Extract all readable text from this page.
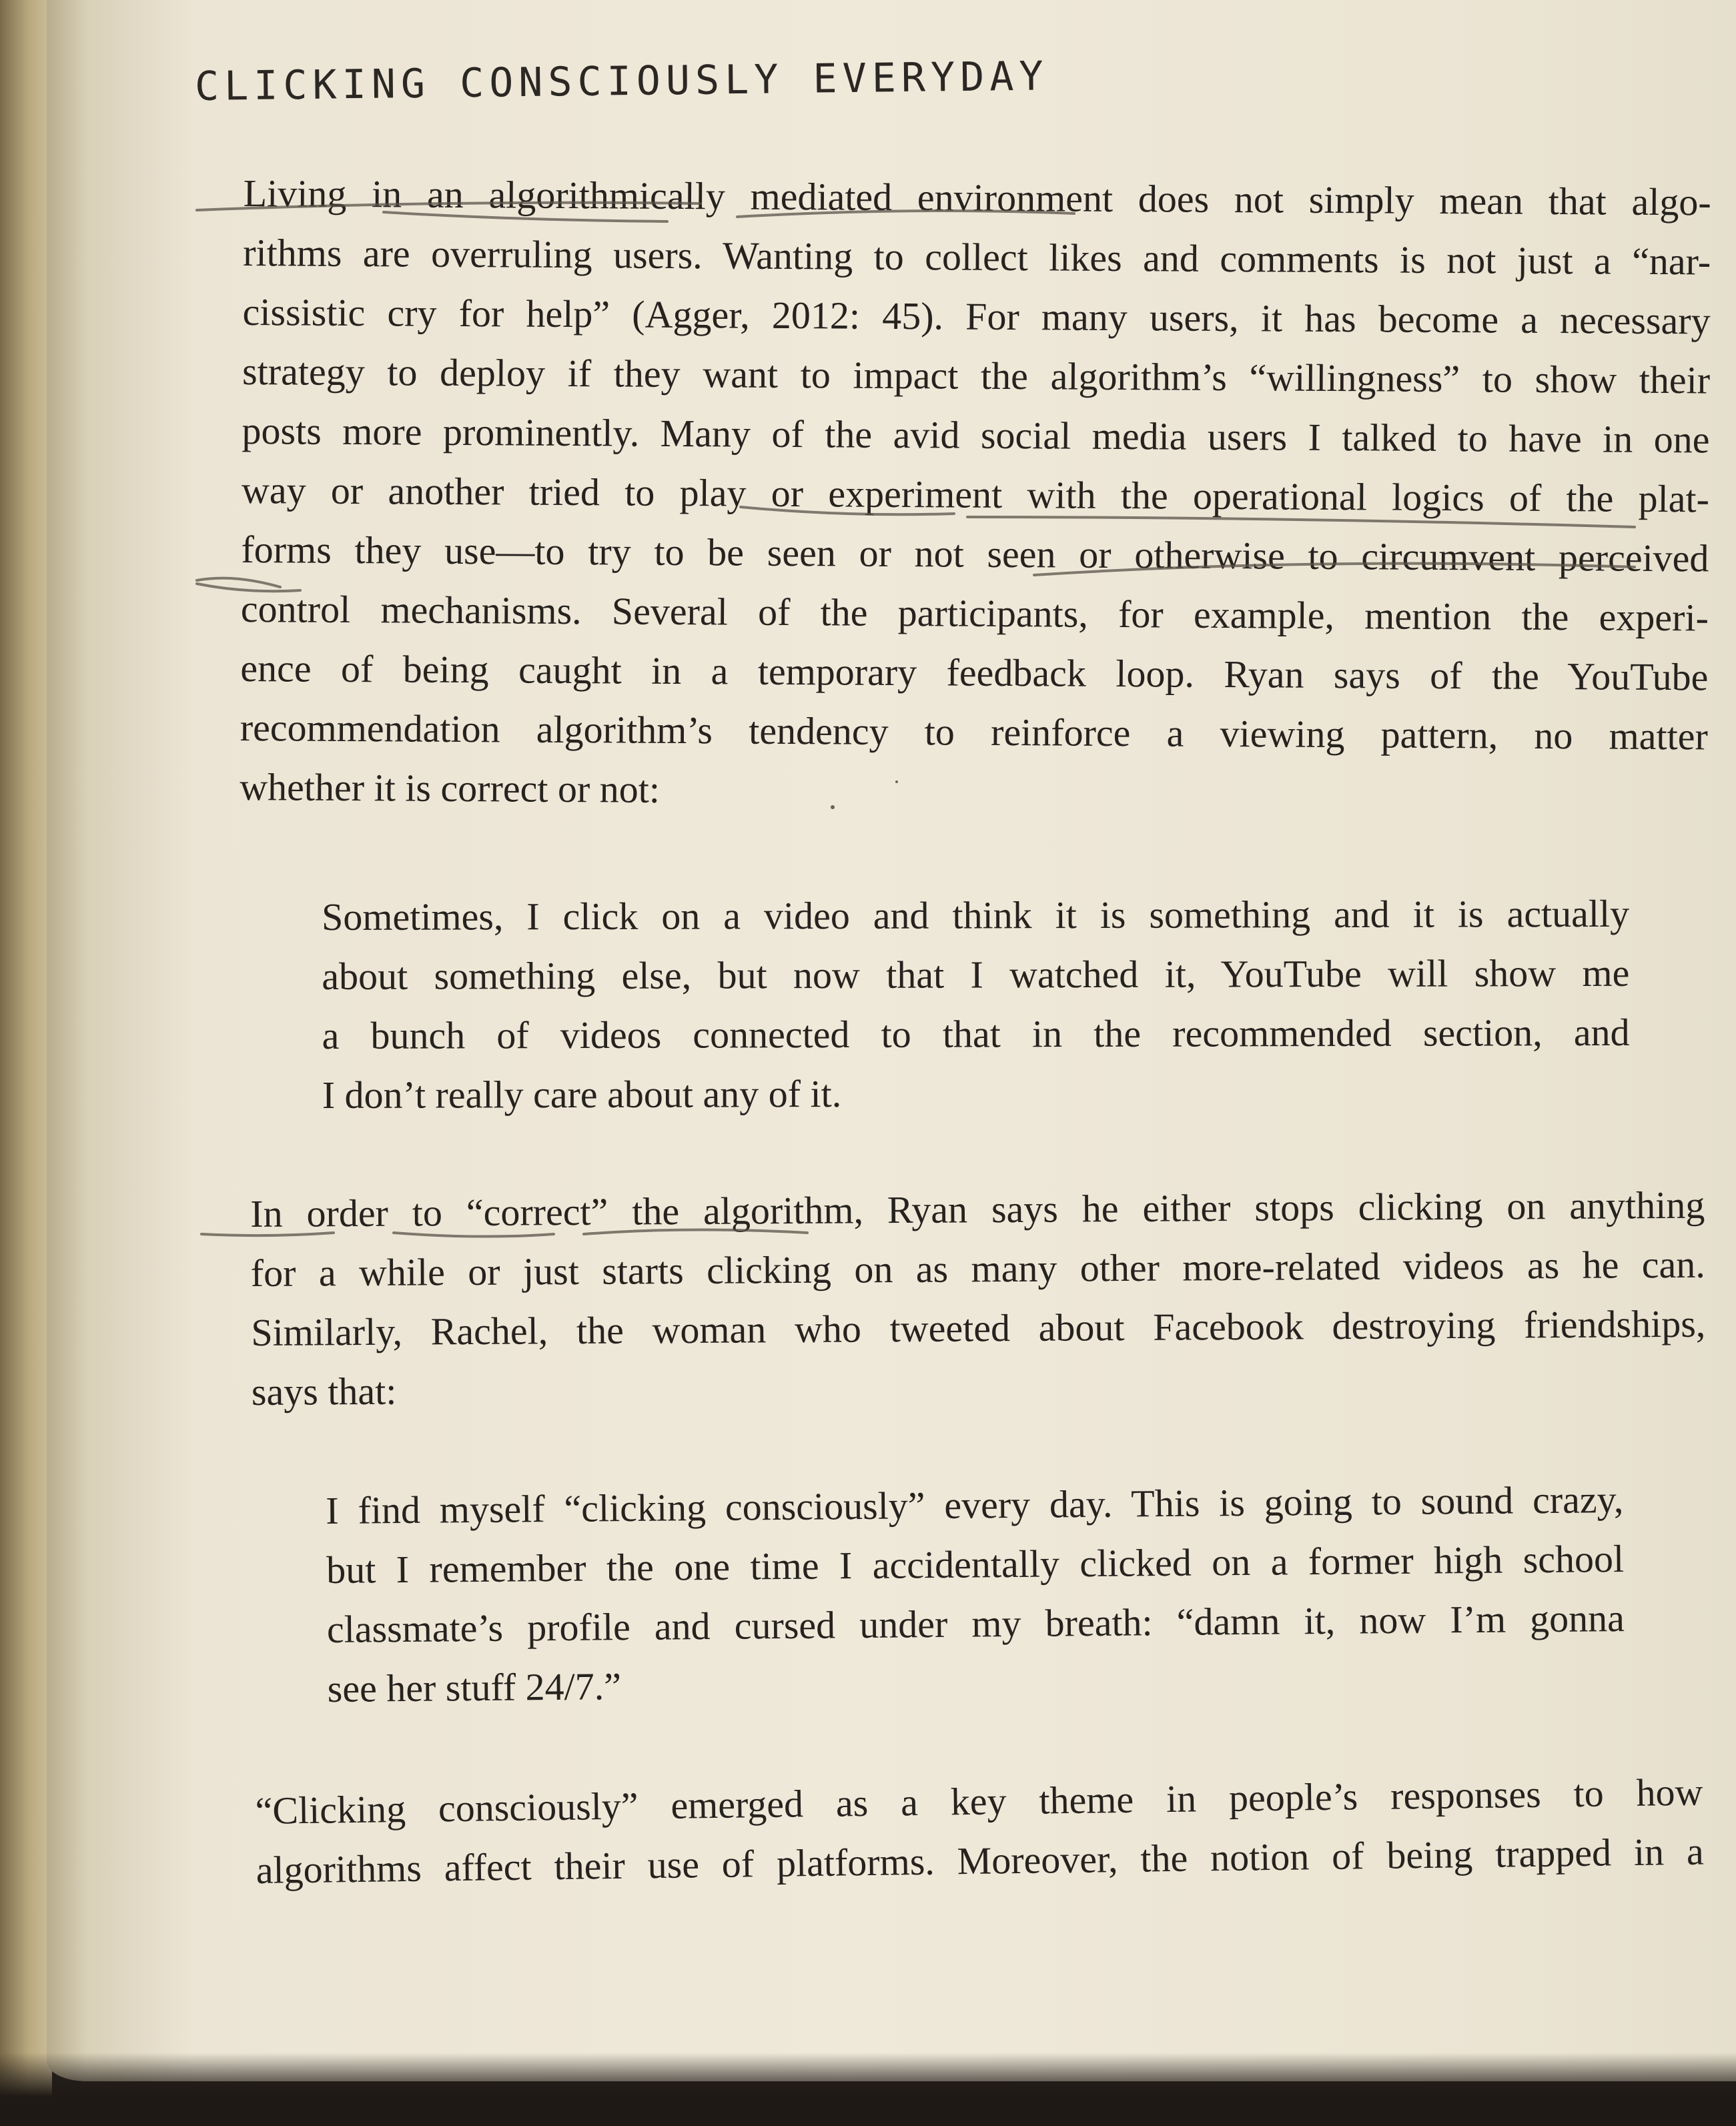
CLICKING CONSCIOUSLY EVERYDAY
Living in an algorithmically mediated environment does not simply mean that algo-
rithms are overruling users. Wanting to collect likes and comments is not just a “nar-
cissistic cry for help” (Agger, 2012: 45). For many users, it has become a necessary
strategy to deploy if they want to impact the algorithm’s “willingness” to show their
posts more prominently. Many of the avid social media users I talked to have in one
way or another tried to play or experiment with the operational logics of the plat-
forms they use—to try to be seen or not seen or otherwise to circumvent perceived
control mechanisms. Several of the participants, for example, mention the experi-
ence of being caught in a temporary feedback loop. Ryan says of the YouTube
recommendation algorithm’s tendency to reinforce a viewing pattern, no matter
whether it is correct or not:
Sometimes, I click on a video and think it is something and it is actually
about something else, but now that I watched it, YouTube will show me
a bunch of videos connected to that in the recommended section, and
I don’t really care about any of it.
In order to “correct” the algorithm, Ryan says he either stops clicking on anything
for a while or just starts clicking on as many other more-related videos as he can.
Similarly, Rachel, the woman who tweeted about Facebook destroying friendships,
says that:
I find myself “clicking consciously” every day. This is going to sound crazy,
but I remember the one time I accidentally clicked on a former high school
classmate’s profile and cursed under my breath: “damn it, now I’m gonna
see her stuff 24/7.”
“Clicking consciously” emerged as a key theme in people’s responses to how
algorithms affect their use of platforms. Moreover, the notion of being trapped in a
